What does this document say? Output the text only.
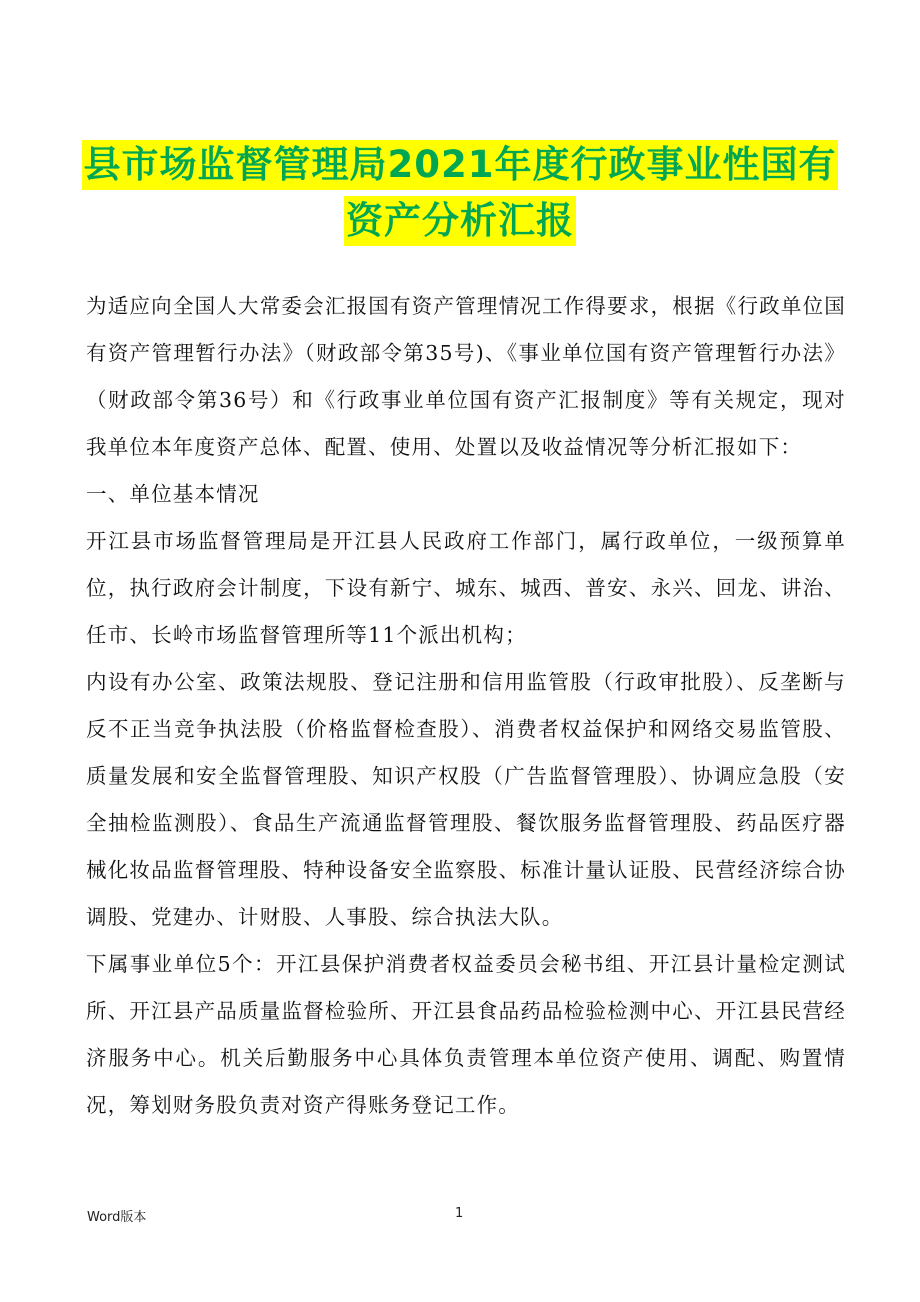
县市场监督管理局2021年度行政事业性国有
资产分析汇报

为适应向全国人大常委会汇报国有资产管理情况工作得要求，根据《行政单位国有资产管理暂行办法》（财政部令第35号)、《事业单位国有资产管理暂行办法》（财政部令第36号）和《行政事业单位国有资产汇报制度》等有关规定，现对我单位本年度资产总体、配置、使用、处置以及收益情况等分析汇报如下：

一、单位基本情况

开江县市场监督管理局是开江县人民政府工作部门，属行政单位，一级预算单位，执行政府会计制度，下设有新宁、城东、城西、普安、永兴、回龙、讲治、任市、长岭市场监督管理所等11个派出机构；

内设有办公室、政策法规股、登记注册和信用监管股（行政审批股）、反垄断与反不正当竞争执法股（价格监督检查股）、消费者权益保护和网络交易监管股、质量发展和安全监督管理股、知识产权股（广告监督管理股）、协调应急股（安全抽检监测股）、食品生产流通监督管理股、餐饮服务监督管理股、药品医疗器械化妆品监督管理股、特种设备安全监察股、标准计量认证股、民营经济综合协调股、党建办、计财股、人事股、综合执法大队。

下属事业单位5个：开江县保护消费者权益委员会秘书组、开江县计量检定测试所、开江县产品质量监督检验所、开江县食品药品检验检测中心、开江县民营经济服务中心。机关后勤服务中心具体负责管理本单位资产使用、调配、购置情况，筹划财务股负责对资产得账务登记工作。

Word版本	1
